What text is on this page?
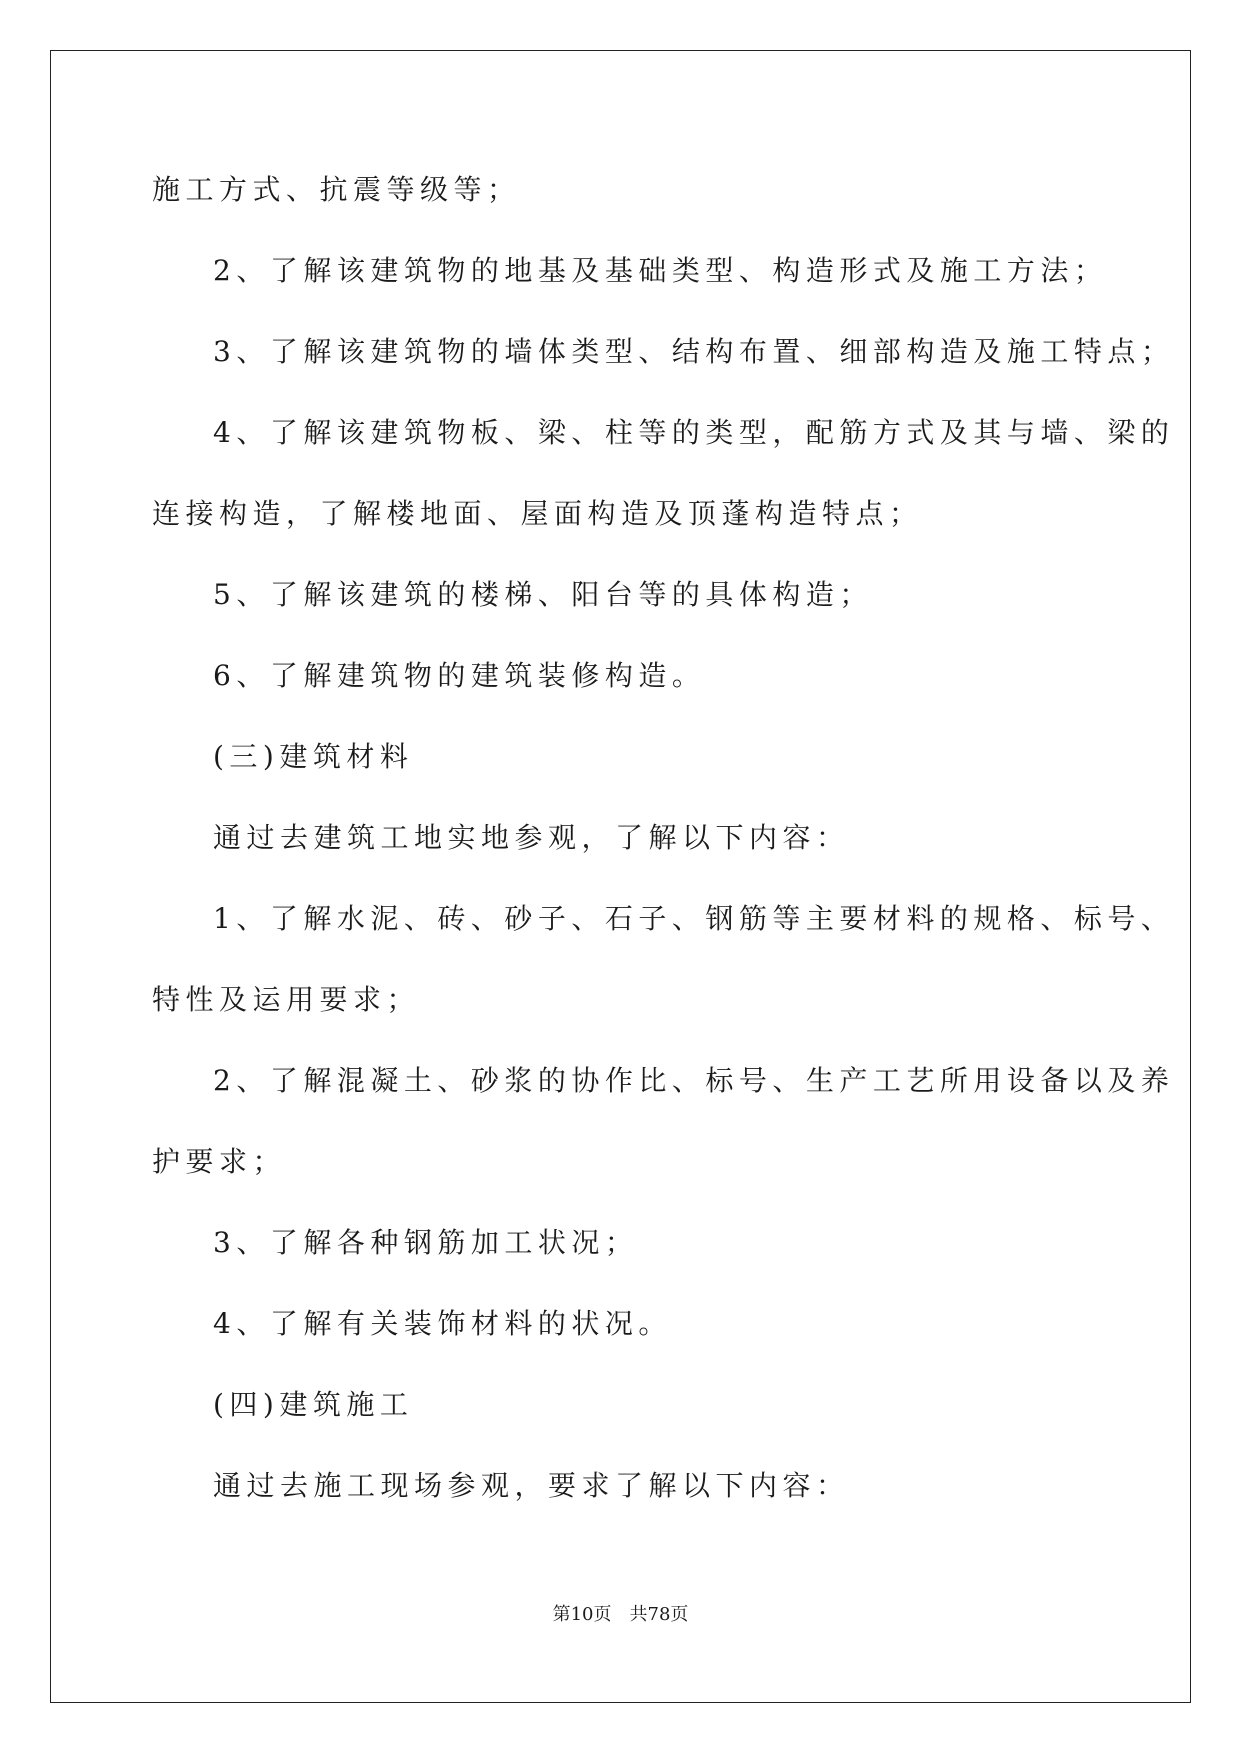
施工方式、抗震等级等；
2、了解该建筑物的地基及基础类型、构造形式及施工方法；
3、了解该建筑物的墙体类型、结构布置、细部构造及施工特点；
4、了解该建筑物板、梁、柱等的类型，配筋方式及其与墙、梁的
连接构造，了解楼地面、屋面构造及顶蓬构造特点；
5、了解该建筑的楼梯、阳台等的具体构造；
6、了解建筑物的建筑装修构造。
(三)建筑材料
通过去建筑工地实地参观，了解以下内容：
1、了解水泥、砖、砂子、石子、钢筋等主要材料的规格、标号、
特性及运用要求；
2、了解混凝土、砂浆的协作比、标号、生产工艺所用设备以及养
护要求；
3、了解各种钢筋加工状况；
4、了解有关装饰材料的状况。
(四)建筑施工
通过去施工现场参观，要求了解以下内容：
第10页 共78页
